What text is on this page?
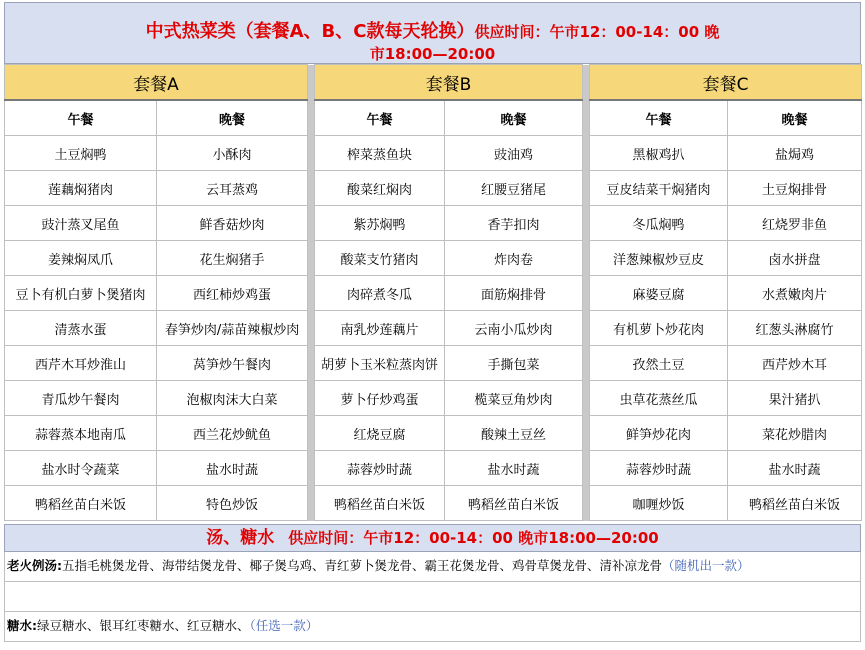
中式热菜类（套餐A、B、C款每天轮换）供应时间：午市12：00-14：00 晚
市18:00—20:00
套餐A			套餐B			套餐C	
午餐	晚餐		午餐	晚餐		午餐	晚餐
土豆焖鸭	小酥肉		榨菜蒸鱼块	豉油鸡		黑椒鸡扒	盐焗鸡
莲藕焖猪肉	云耳蒸鸡		酸菜红焖肉	红腰豆猪尾		豆皮结菜干焖猪肉	土豆焖排骨
豉汁蒸叉尾鱼	鲜香菇炒肉		紫苏焖鸭	香芋扣肉		冬瓜焖鸭	红烧罗非鱼
姜辣焖凤爪	花生焖猪手		酸菜支竹猪肉	炸肉卷		洋葱辣椒炒豆皮	卤水拼盘
豆卜有机白萝卜煲猪肉	西红柿炒鸡蛋		肉碎煮冬瓜	面筋焖排骨		麻婆豆腐	水煮嫩肉片
清蒸水蛋	春笋炒肉/蒜苗辣椒炒肉		南乳炒莲藕片	云南小瓜炒肉		有机萝卜炒花肉	红葱头淋腐竹
西芹木耳炒淮山	莴笋炒午餐肉		胡萝卜玉米粒蒸肉饼	手撕包菜		孜然土豆	西芹炒木耳
青瓜炒午餐肉	泡椒肉沫大白菜		萝卜仔炒鸡蛋	榄菜豆角炒肉		虫草花蒸丝瓜	果汁猪扒
蒜蓉蒸本地南瓜	西兰花炒鱿鱼		红烧豆腐	酸辣土豆丝		鲜笋炒花肉	菜花炒腊肉
盐水时令蔬菜	盐水时蔬		蒜蓉炒时蔬	盐水时蔬		蒜蓉炒时蔬	盐水时蔬
鸭稻丝苗白米饭	特色炒饭		鸭稻丝苗白米饭	鸭稻丝苗白米饭		咖喱炒饭	鸭稻丝苗白米饭
汤、糖水 供应时间：午市12：00-14：00 晚市18:00—20:00
老火例汤:五指毛桃煲龙骨、海带结煲龙骨、椰子煲乌鸡、青红萝卜煲龙骨、霸王花煲龙骨、鸡骨草煲龙骨、清补凉龙骨（随机出一款）
糖水:绿豆糖水、银耳红枣糖水、红豆糖水、（任选一款）
